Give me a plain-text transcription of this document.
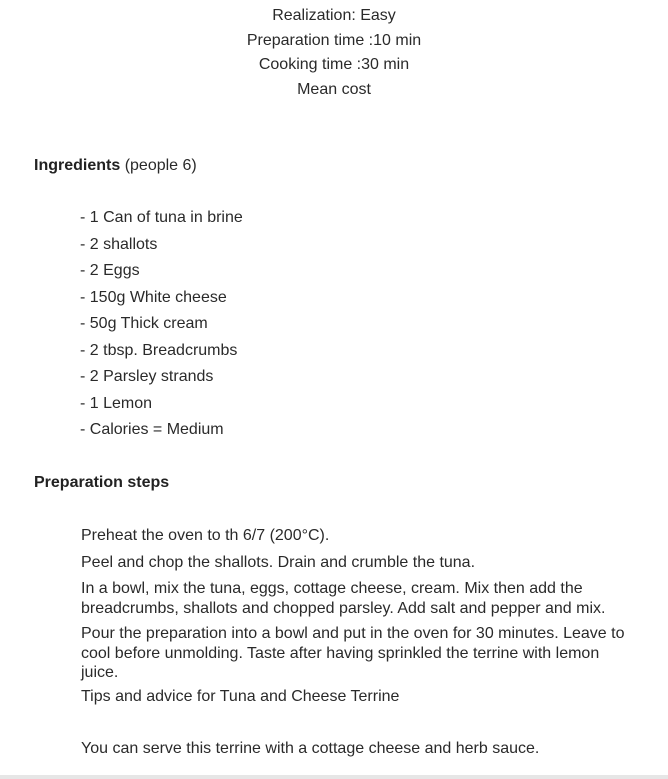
Realization: Easy
Preparation time :10 min
Cooking time :30 min
Mean cost
Ingredients (people 6)
- 1 Can of tuna in brine
- 2 shallots
- 2 Eggs
- 150g White cheese
- 50g Thick cream
- 2 tbsp. Breadcrumbs
- 2 Parsley strands
- 1 Lemon
- Calories = Medium
Preparation steps

Preheat the oven to th 6/7 (200°C).

Peel and chop the shallots. Drain and crumble the tuna.

In a bowl, mix the tuna, eggs, cottage cheese, cream. Mix then add the breadcrumbs, shallots and chopped parsley. Add salt and pepper and mix.

Pour the preparation into a bowl and put in the oven for 30 minutes. Leave to cool before unmolding. Taste after having sprinkled the terrine with lemon juice.

Tips and advice for Tuna and Cheese Terrine

You can serve this terrine with a cottage cheese and herb sauce.
